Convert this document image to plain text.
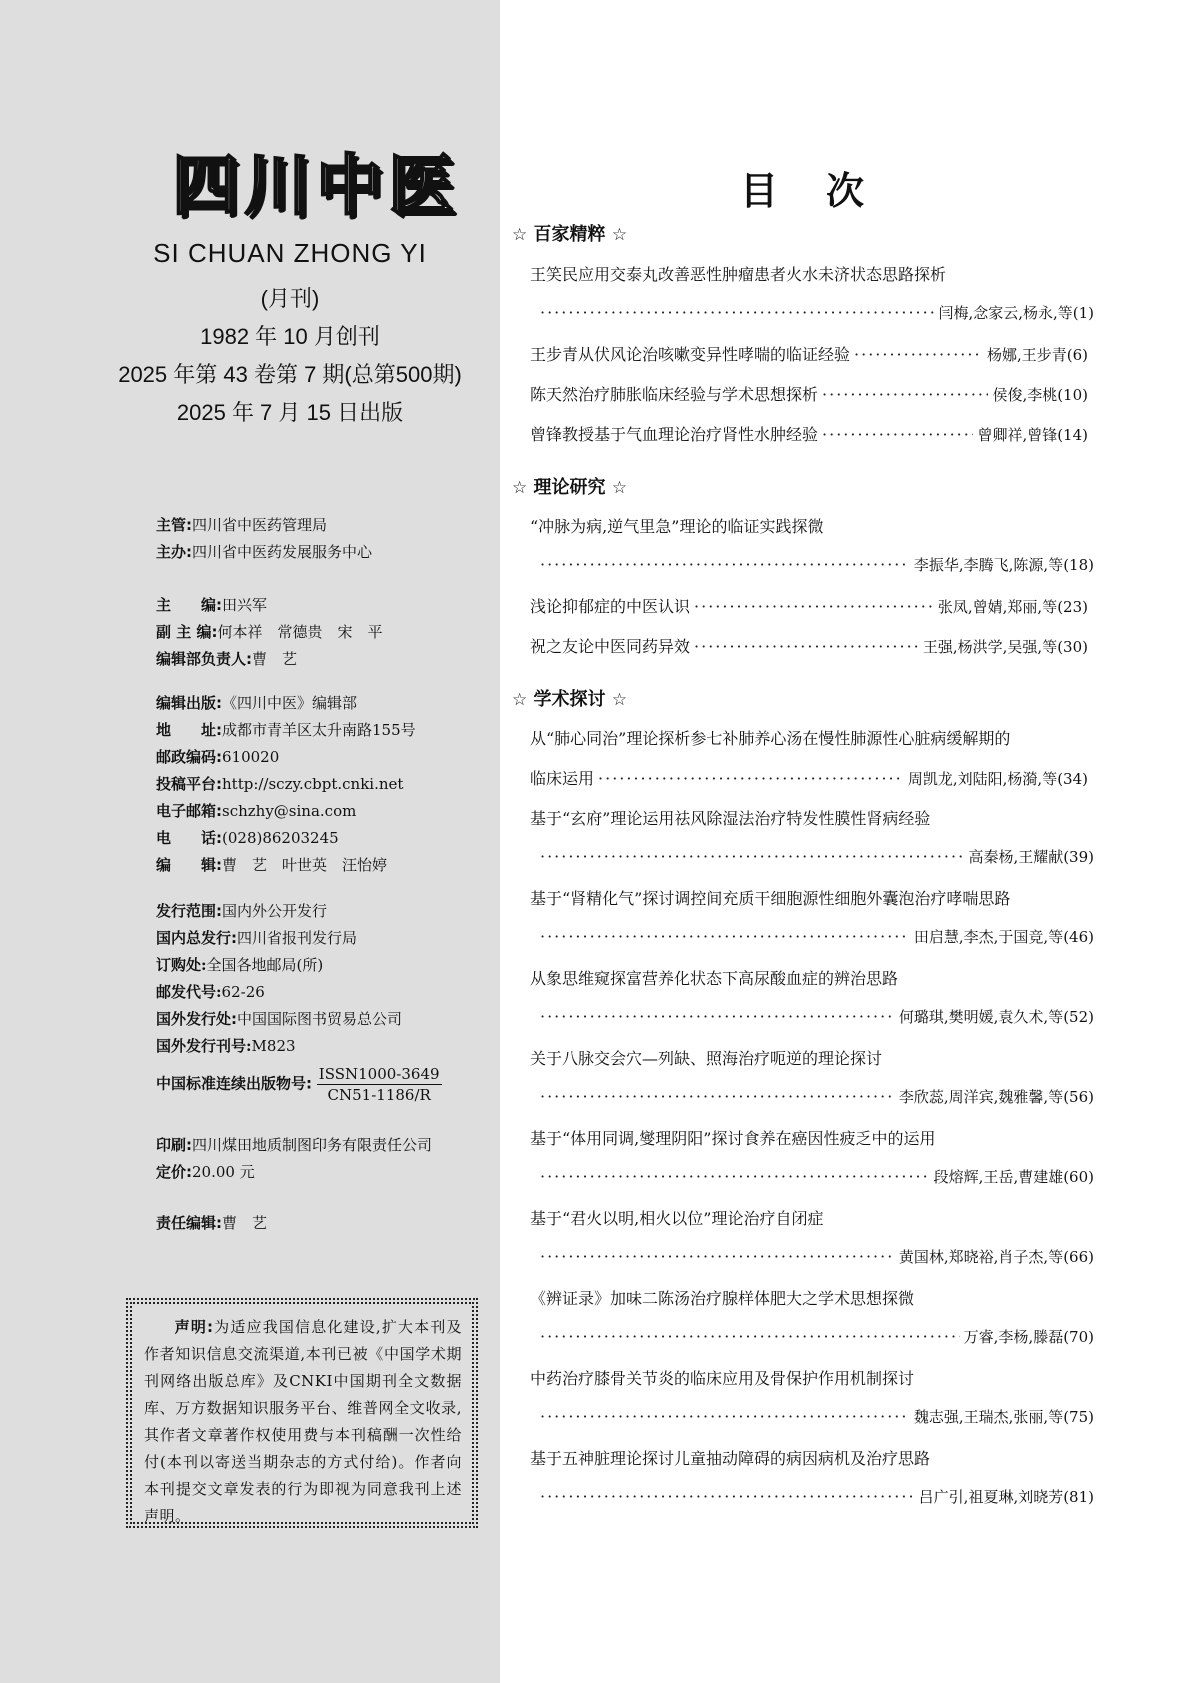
四川中医
SI CHUAN ZHONG YI
(月刊)
1982 年 10 月创刊
2025 年第 43 卷第 7 期(总第500期)
2025 年 7 月 15 日出版
主管:四川省中医药管理局
主办:四川省中医药发展服务中心
主　　编:田兴军
副 主 编:何本祥　常德贵　宋　平
编辑部负责人:曹　艺
编辑出版:《四川中医》编辑部
地　　址:成都市青羊区太升南路155号
邮政编码:610020
投稿平台:http://sczy.cbpt.cnki.net
电子邮箱:schzhy@sina.com
电　　话:(028)86203245
编　　辑:曹　艺　叶世英　汪怡婷
发行范围:国内外公开发行
国内总发行:四川省报刊发行局
订购处:全国各地邮局(所)
邮发代号:62-26
国外发行处:中国国际图书贸易总公司
国外发行刊号:M823
中国标准连续出版物号:
ISSN1000-3649
CN51-1186/R
印刷:四川煤田地质制图印务有限责任公司
定价:20.00 元
责任编辑:曹　艺
声明:为适应我国信息化建设,扩大本刊及作者知识信息交流渠道,本刊已被《中国学术期刊网络出版总库》及CNKI中国期刊全文数据库、万方数据知识服务平台、维普网全文收录,其作者文章著作权使用费与本刊稿酬一次性给付(本刊以寄送当期杂志的方式付给)。作者向本刊提交文章发表的行为即视为同意我刊上述声明。
目次
☆ 百家精粹 ☆
王笑民应用交泰丸改善恶性肿瘤患者火水未济状态思路探析
·····
闫梅,念家云,杨永,等(1)
王步青从伏风论治咳嗽变异性哮喘的临证经验 ·····	杨娜,王步青(6)
陈天然治疗肺胀临床经验与学术思想探析 ·····	侯俊,李桃(10)
曾锋教授基于气血理论治疗肾性水肿经验 ·····	曾卿祥,曾锋(14)
☆ 理论研究 ☆
“冲脉为病,逆气里急”理论的临证实践探微
·····
李振华,李腾飞,陈源,等(18)
浅论抑郁症的中医认识 ·····	张凤,曾婧,郑丽,等(23)
祝之友论中医同药异效 ·····	王强,杨洪学,吴强,等(30)
☆ 学术探讨 ☆
从“肺心同治”理论探析参七补肺养心汤在慢性肺源性心脏病缓解期的
临床运用 ·····	周凯龙,刘陆阳,杨漪,等(34)
基于“玄府”理论运用祛风除湿法治疗特发性膜性肾病经验
·····
高秦杨,王耀献(39)
基于“肾精化气”探讨调控间充质干细胞源性细胞外囊泡治疗哮喘思路
·····
田启慧,李杰,于国竞,等(46)
从象思维窥探富营养化状态下高尿酸血症的辨治思路
·····
何璐琪,樊明媛,袁久术,等(52)
关于八脉交会穴—列缺、照海治疗呃逆的理论探讨
·····
李欣蕊,周洋宾,魏雅馨,等(56)
基于“体用同调,燮理阴阳”探讨食养在癌因性疲乏中的运用
·····
段熔辉,王岳,曹建雄(60)
基于“君火以明,相火以位”理论治疗自闭症
·····
黄国林,郑晓裕,肖子杰,等(66)
《辨证录》加味二陈汤治疗腺样体肥大之学术思想探微
·····
万睿,李杨,滕磊(70)
中药治疗膝骨关节炎的临床应用及骨保护作用机制探讨
·····
魏志强,王瑞杰,张丽,等(75)
基于五神脏理论探讨儿童抽动障碍的病因病机及治疗思路
·····
吕广引,祖夏琳,刘晓芳(81)
